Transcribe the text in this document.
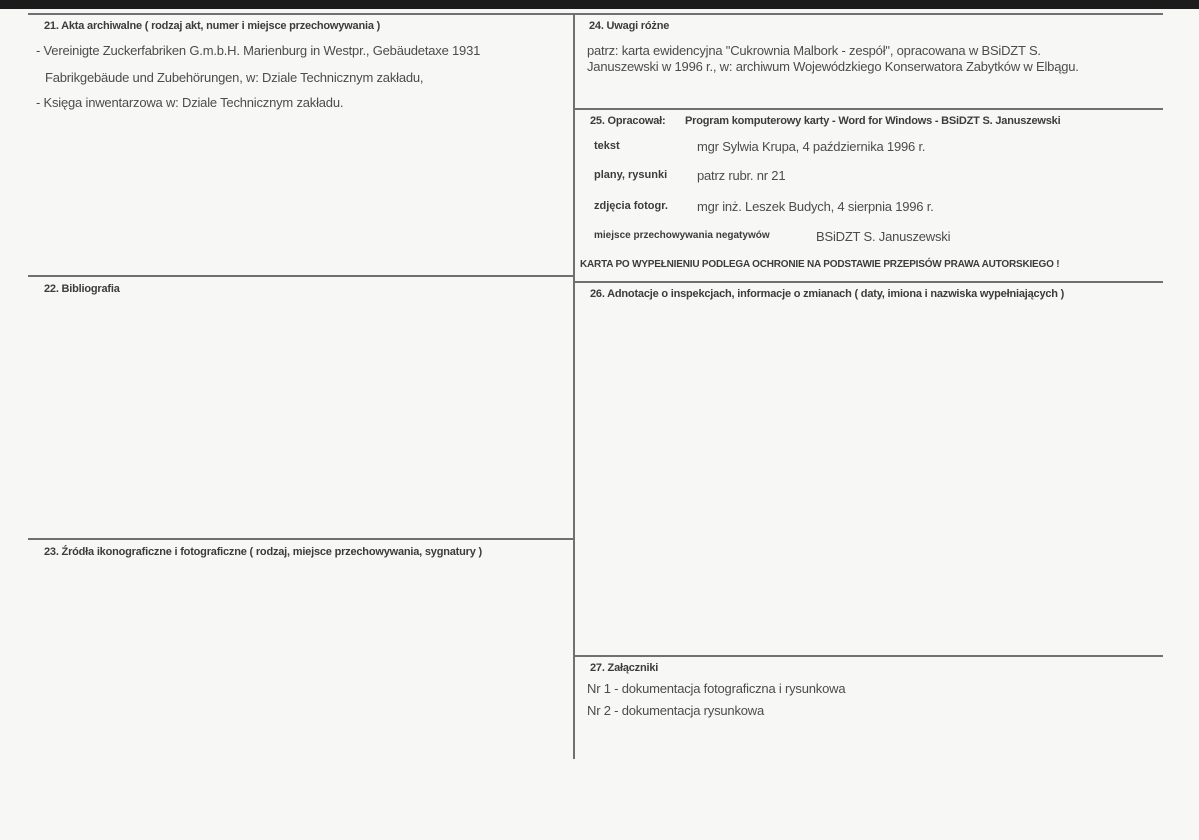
21. Akta archiwalne ( rodzaj akt, numer i miejsce przechowywania )
- Vereinigte Zuckerfabriken G.m.b.H. Marienburg in Westpr., Gebäudetaxe 1931
Fabrikgebäude und Zubehörungen, w: Dziale Technicznym zakładu,
- Księga inwentarzowa w: Dziale Technicznym zakładu.
22. Bibliografia
23. Źródła ikonograficzne i fotograficzne ( rodzaj, miejsce przechowywania, sygnatury )
24. Uwagi różne
patrz: karta ewidencyjna "Cukrownia Malbork - zespół", opracowana w BSiDZT S.
Januszewski w 1996 r., w: archiwum Wojewódzkiego Konserwatora Zabytków w Elbągu.
25. Opracował: Program komputerowy karty - Word for Windows - BSiDZT S. Januszewski
tekst	mgr Sylwia Krupa, 4 października 1996 r.
plany, rysunki patrz rubr. nr 21
zdjęcia fotogr. mgr inż. Leszek Budych, 4 sierpnia 1996 r.
miejsce przechowywania negatywów	BSiDZT S. Januszewski
KARTA PO WYPEŁNIENIU PODLEGA OCHRONIE NA PODSTAWIE PRZEPISÓW PRAWA AUTORSKIEGO !
26. Adnotacje o inspekcjach, informacje o zmianach ( daty, imiona i nazwiska wypełniających )
27. Załączniki
Nr 1 - dokumentacja fotograficzna i rysunkowa
Nr 2 - dokumentacja rysunkowa
